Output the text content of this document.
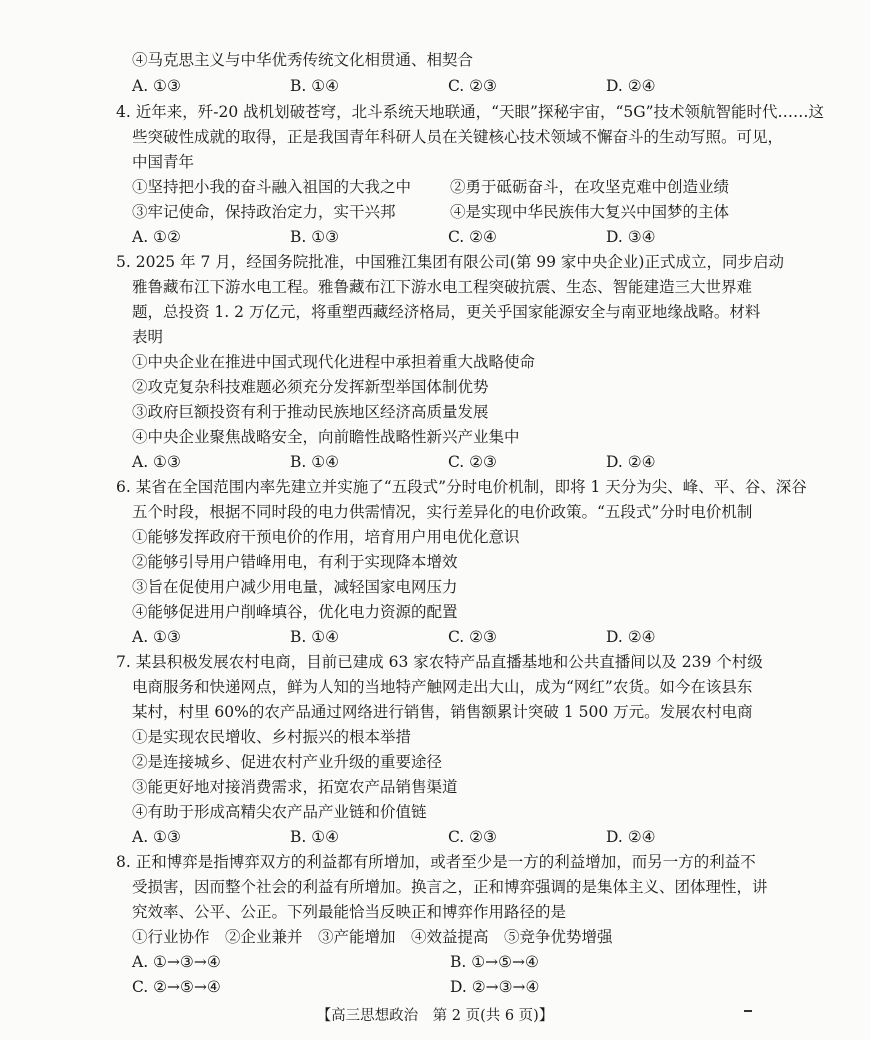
④马克思主义与中华优秀传统文化相贯通、相契合
A. ①③	B. ①④	C. ②③	D. ②④
4. 近年来，歼-20 战机划破苍穹，北斗系统天地联通，“天眼”探秘宇宙，“5G”技术领航智能时代……这
些突破性成就的取得，正是我国青年科研人员在关键核心技术领域不懈奋斗的生动写照。可见，
中国青年
①坚持把小我的奋斗融入祖国的大我之中	②勇于砥砺奋斗，在攻坚克难中创造业绩
③牢记使命，保持政治定力，实干兴邦	④是实现中华民族伟大复兴中国梦的主体
A. ①②	B. ①③	C. ②④	D. ③④
5. 2025 年 7 月，经国务院批准，中国雅江集团有限公司(第 99 家中央企业)正式成立，同步启动
雅鲁藏布江下游水电工程。雅鲁藏布江下游水电工程突破抗震、生态、智能建造三大世界难
题，总投资 1. 2 万亿元，将重塑西藏经济格局，更关乎国家能源安全与南亚地缘战略。材料
表明
①中央企业在推进中国式现代化进程中承担着重大战略使命
②攻克复杂科技难题必须充分发挥新型举国体制优势
③政府巨额投资有利于推动民族地区经济高质量发展
④中央企业聚焦战略安全，向前瞻性战略性新兴产业集中
A. ①③	B. ①④	C. ②③	D. ②④
6. 某省在全国范围内率先建立并实施了“五段式”分时电价机制，即将 1 天分为尖、峰、平、谷、深谷
五个时段，根据不同时段的电力供需情况，实行差异化的电价政策。“五段式”分时电价机制
①能够发挥政府干预电价的作用，培育用户用电优化意识
②能够引导用户错峰用电，有利于实现降本增效
③旨在促使用户减少用电量，减轻国家电网压力
④能够促进用户削峰填谷，优化电力资源的配置
A. ①③	B. ①④	C. ②③	D. ②④
7. 某县积极发展农村电商，目前已建成 63 家农特产品直播基地和公共直播间以及 239 个村级
电商服务和快递网点，鲜为人知的当地特产触网走出大山，成为“网红”农货。如今在该县东
某村，村里 60%的农产品通过网络进行销售，销售额累计突破 1 500 万元。发展农村电商
①是实现农民增收、乡村振兴的根本举措
②是连接城乡、促进农村产业升级的重要途径
③能更好地对接消费需求，拓宽农产品销售渠道
④有助于形成高精尖农产品产业链和价值链
A. ①③	B. ①④	C. ②③	D. ②④
8. 正和博弈是指博弈双方的利益都有所增加，或者至少是一方的利益增加，而另一方的利益不
受损害，因而整个社会的利益有所增加。换言之，正和博弈强调的是集体主义、团体理性，讲
究效率、公平、公正。下列最能恰当反映正和博弈作用路径的是
①行业协作　②企业兼并　③产能增加　④效益提高　⑤竞争优势增强
A. ①→③→④	B. ①→⑤→④
C. ②→⑤→④	D. ②→③→④
【高三思想政治　第 2 页(共 6 页)】
